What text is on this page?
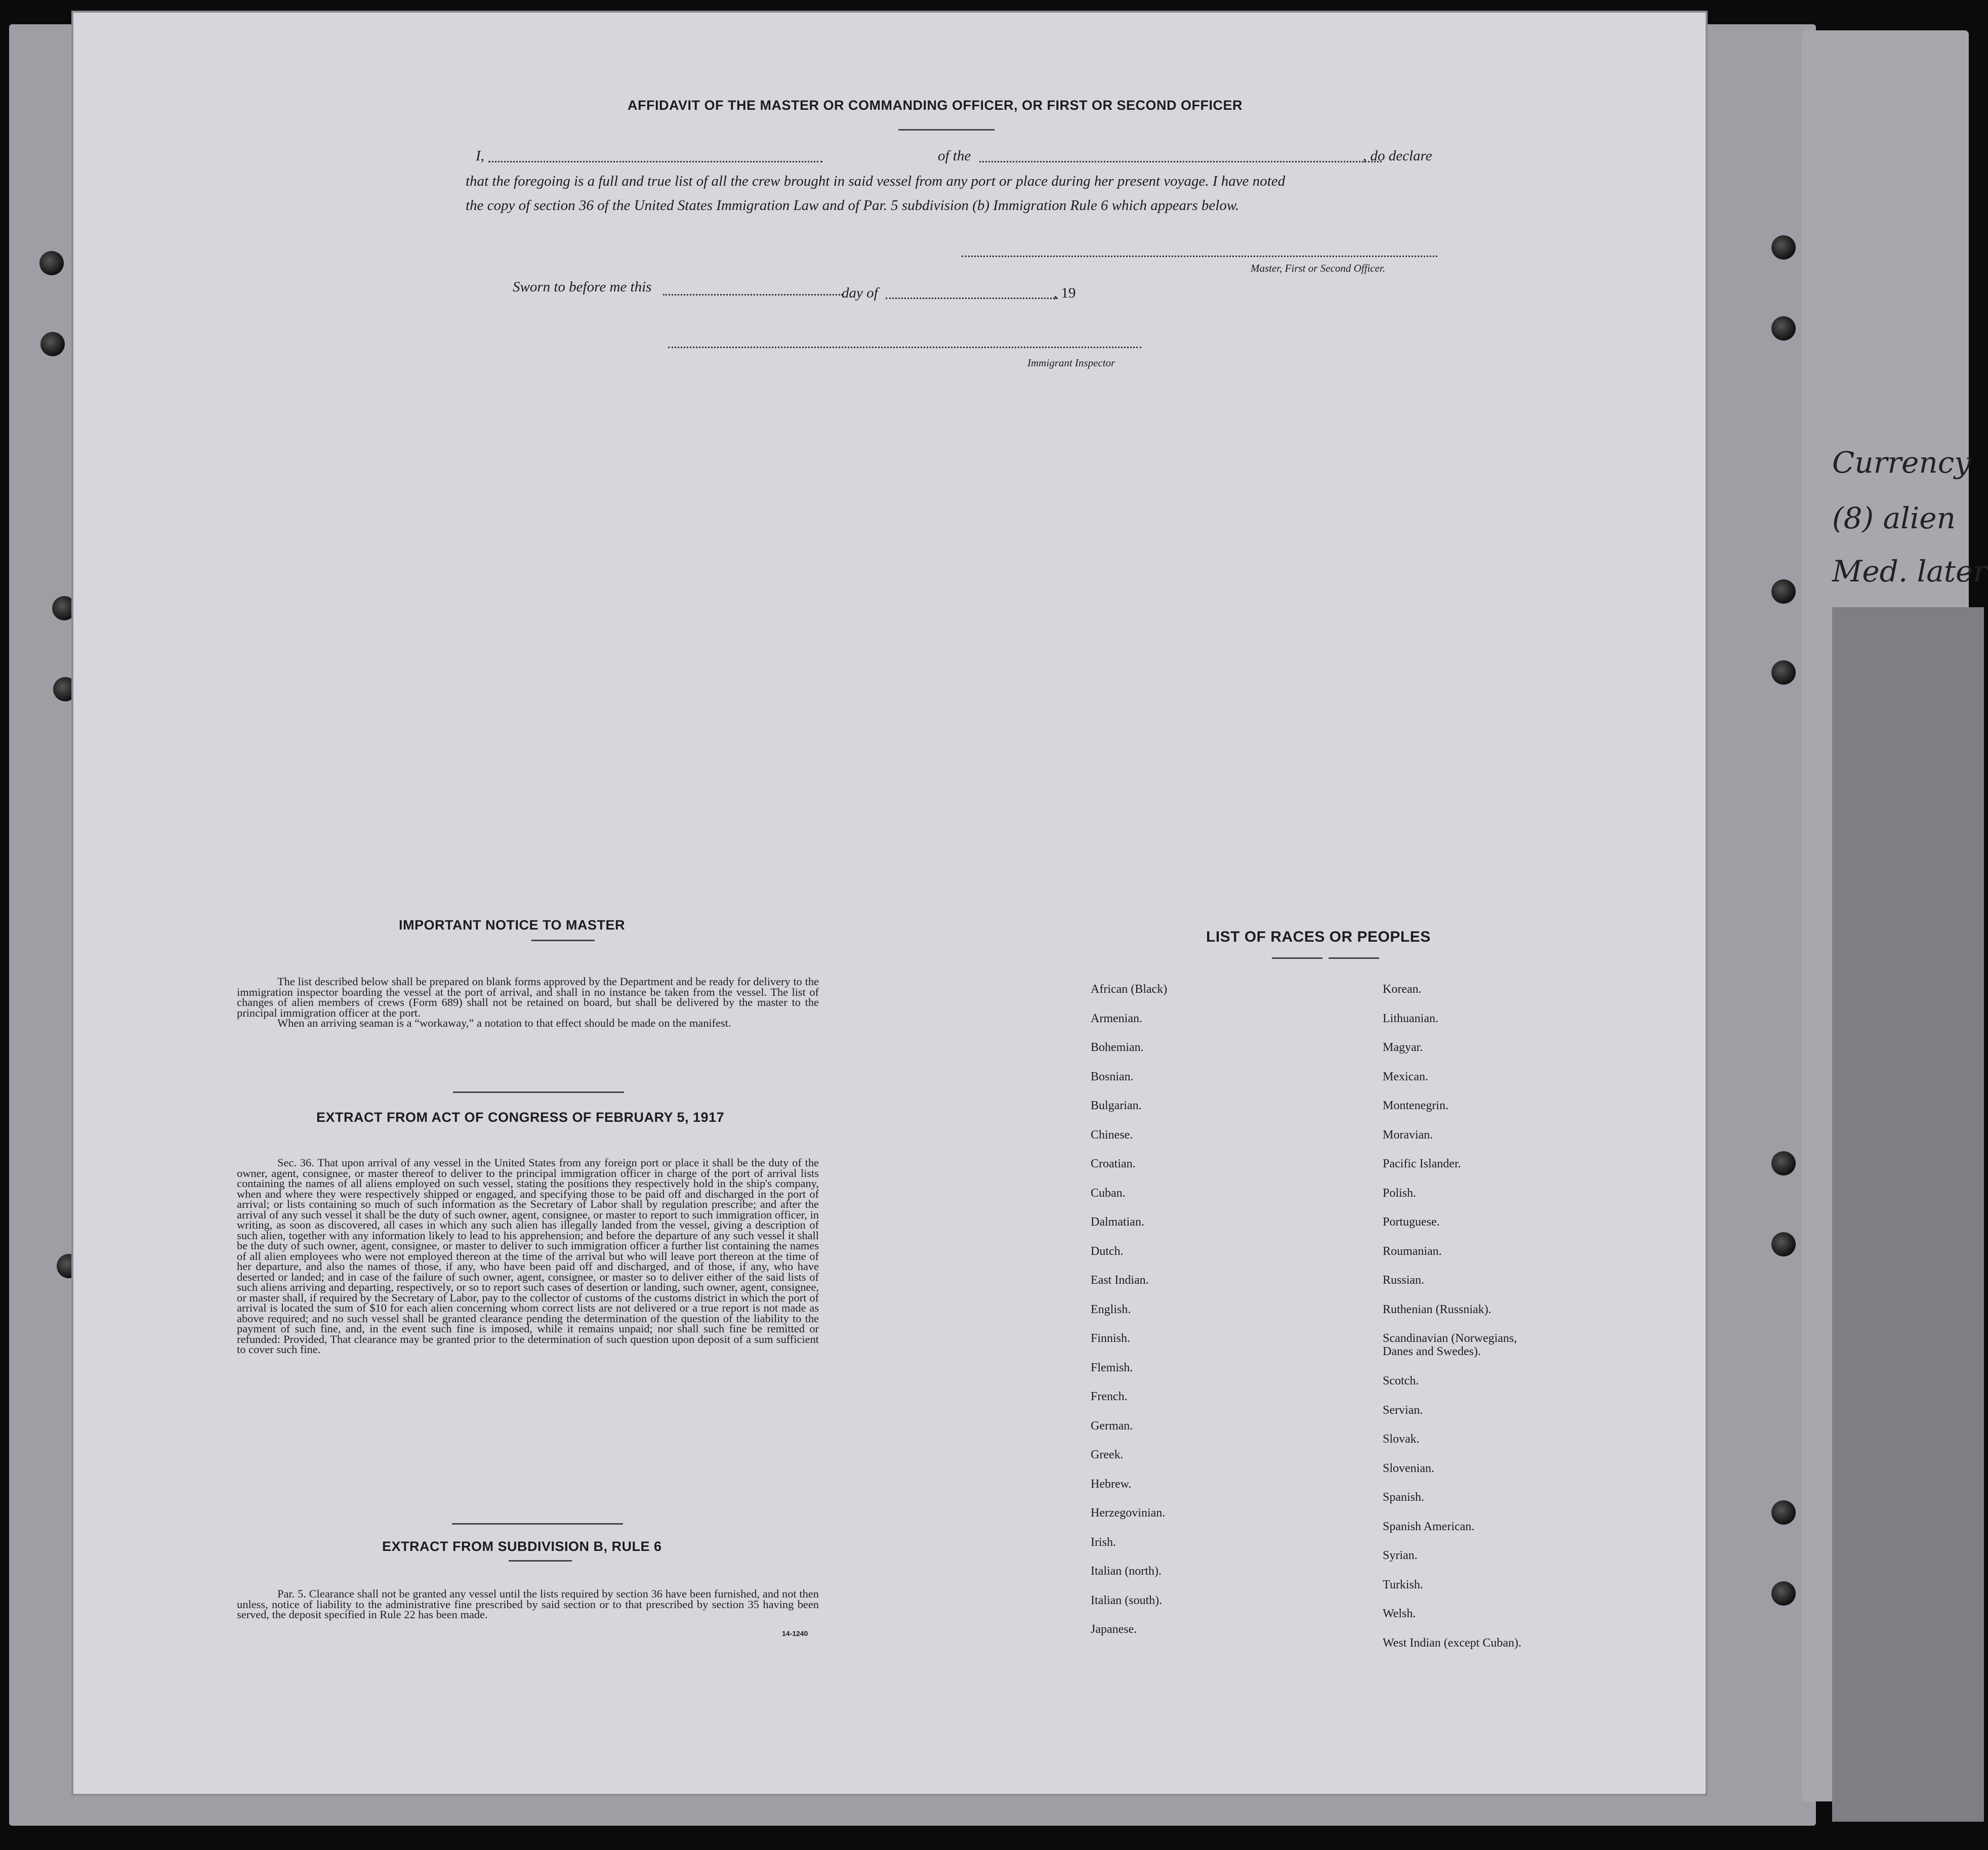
Currency
(8) alien
Med. later
AFFIDAVIT OF THE MASTER OR COMMANDING OFFICER, OR FIRST OR SECOND OFFICER
I,	of the	, do declare
that the foregoing is a full and true list of all the crew brought in said vessel from any port or place during her present voyage. I have noted
the copy of section 36 of the United States Immigration Law and of Par. 5 subdivision (b) Immigration Rule 6 which appears below.
Master, First or Second Officer.
Sworn to before me this	day of	, 19
Immigrant Inspector
IMPORTANT NOTICE TO MASTER

The list described below shall be prepared on blank forms approved by the Department and be ready for delivery to the immigration inspector boarding the vessel at the port of arrival, and shall in no instance be taken from the vessel. The list of changes of alien members of crews (Form 689) shall not be retained on board, but shall be delivered by the master to the principal immigration officer at the port.

When an arriving seaman is a “workaway,” a notation to that effect should be made on the manifest.

EXTRACT FROM ACT OF CONGRESS OF FEBRUARY 5, 1917

Sec. 36. That upon arrival of any vessel in the United States from any foreign port or place it shall be the duty of the owner, agent, consignee, or master thereof to deliver to the principal immigration officer in charge of the port of arrival lists containing the names of all aliens employed on such vessel, stating the positions they respectively hold in the ship's company, when and where they were respectively shipped or engaged, and specifying those to be paid off and discharged in the port of arrival; or lists containing so much of such information as the Secretary of Labor shall by regulation prescribe; and after the arrival of any such vessel it shall be the duty of such owner, agent, consignee, or master to report to such immigration officer, in writing, as soon as discovered, all cases in which any such alien has illegally landed from the vessel, giving a description of such alien, together with any information likely to lead to his apprehension; and before the departure of any such vessel it shall be the duty of such owner, agent, consignee, or master to deliver to such immigration officer a further list containing the names of all alien employees who were not employed thereon at the time of the arrival but who will leave port thereon at the time of her departure, and also the names of those, if any, who have been paid off and discharged, and of those, if any, who have deserted or landed; and in case of the failure of such owner, agent, consignee, or master so to deliver either of the said lists of such aliens arriving and departing, respectively, or so to report such cases of desertion or landing, such owner, agent, consignee, or master shall, if required by the Secretary of Labor, pay to the collector of customs of the customs district in which the port of arrival is located the sum of $10 for each alien concerning whom correct lists are not delivered or a true report is not made as above required; and no such vessel shall be granted clearance pending the determination of the question of the liability to the payment of such fine, and, in the event such fine is imposed, while it remains unpaid; nor shall such fine be remitted or refunded: Provided, That clearance may be granted prior to the determination of such question upon deposit of a sum sufficient to cover such fine.

EXTRACT FROM SUBDIVISION B, RULE 6

Par. 5. Clearance shall not be granted any vessel until the lists required by section 36 have been furnished, and not then unless, notice of liability to the administrative fine prescribed by said section or to that prescribed by section 35 having been served, the deposit specified in Rule 22 has been made.

14-1240
LIST OF RACES OR PEOPLES
African (Black)
Armenian.
Bohemian.
Bosnian.
Bulgarian.
Chinese.
Croatian.
Cuban.
Dalmatian.
Dutch.
East Indian.
English.
Finnish.
Flemish.
French.
German.
Greek.
Hebrew.
Herzegovinian.
Irish.
Italian (north).
Italian (south).
Japanese.
Korean.
Lithuanian.
Magyar.
Mexican.
Montenegrin.
Moravian.
Pacific Islander.
Polish.
Portuguese.
Roumanian.
Russian.
Ruthenian (Russniak).
Scandinavian (Norwegians,
Danes and Swedes).
Scotch.
Servian.
Slovak.
Slovenian.
Spanish.
Spanish American.
Syrian.
Turkish.
Welsh.
West Indian (except Cuban).
